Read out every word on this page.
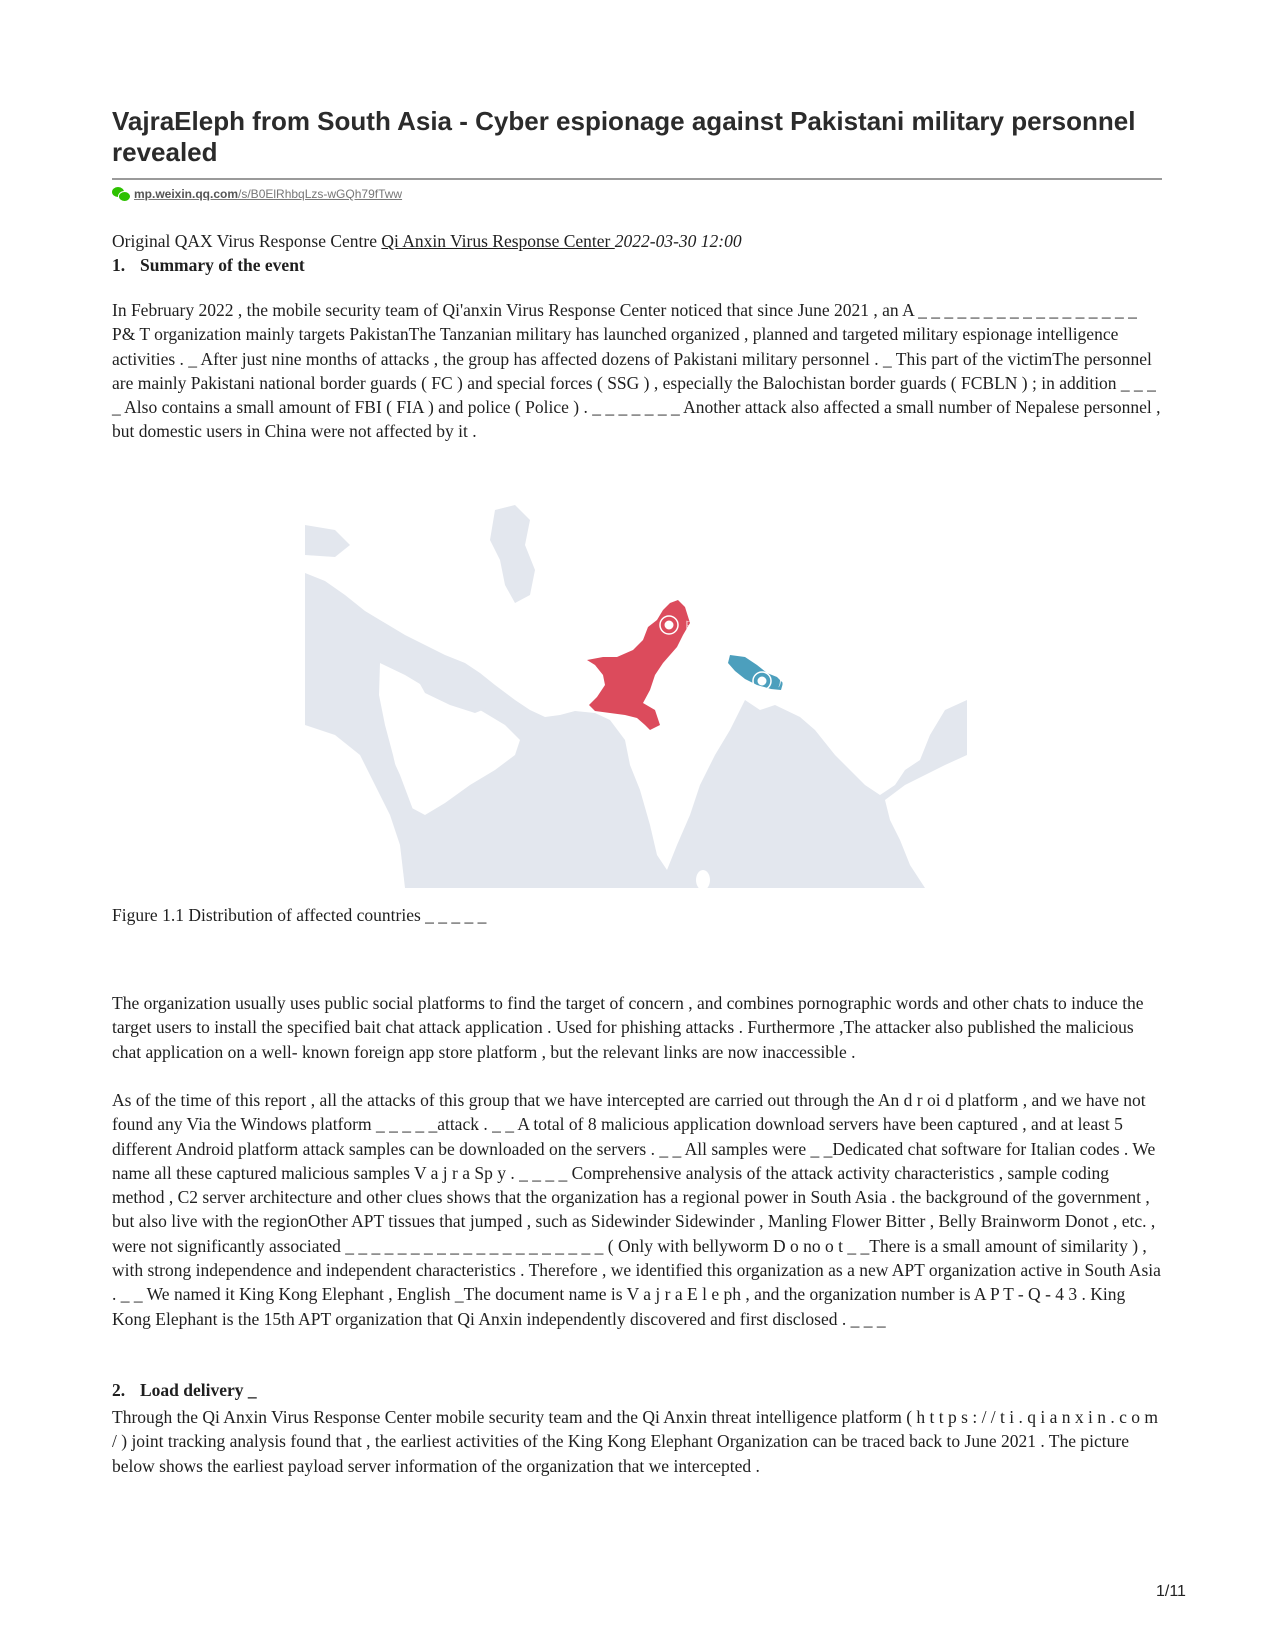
VajraEleph from South Asia - Cyber espionage against Pakistani military personnel revealed
mp.weixin.qq.com/s/B0ElRhbqLzs-wGQh79fTww
Original QAX Virus Response Centre Qi Anxin Virus Response Center 2022-03-30 12:00
1. Summary of the event

In February 2022 , the mobile security team of Qi'anxin Virus Response Center noticed that since June 2021 , an A _ _ _ _ _ _ _ _ _ _ _ _ _ _ _ _ _ P& T organization mainly targets PakistanThe Tanzanian military has launched organized , planned and targeted military espionage intelligence activities . _ After just nine months of attacks , the group has affected dozens of Pakistani military personnel . _ This part of the victimThe personnel are mainly Pakistani national border guards ( FC ) and special forces ( SSG ) , especially the Balochistan border guards ( FCBLN ) ; in addition _ _ _ _ Also contains a small amount of FBI ( FIA ) and police ( Police ) . _ _ _ _ _ _ _ Another attack also affected a small number of Nepalese personnel , but domestic users in China were not affected by it .

巴基斯坦
尼泊尔
Figure 1.1 Distribution of affected countries _ _ _ _ _

The organization usually uses public social platforms to find the target of concern , and combines pornographic words and other chats to induce the target users to install the specified bait chat attack application . Used for phishing attacks . Furthermore ,The attacker also published the malicious chat application on a well- known foreign app store platform , but the relevant links are now inaccessible .

As of the time of this report , all the attacks of this group that we have intercepted are carried out through the An d r oi d platform , and we have not found any Via the Windows platform _ _ _ _ _attack . _ _ A total of 8 malicious application download servers have been captured , and at least 5 different Android platform attack samples can be downloaded on the servers . _ _ All samples were _ _Dedicated chat software for Italian codes . We name all these captured malicious samples V a j r a Sp y . _ _ _ _ Comprehensive analysis of the attack activity characteristics , sample coding method , C2 server architecture and other clues shows that the organization has a regional power in South Asia . the background of the government , but also live with the regionOther APT tissues that jumped , such as Sidewinder Sidewinder , Manling Flower Bitter , Belly Brainworm Donot , etc. , were not significantly associated _ _ _ _ _ _ _ _ _ _ _ _ _ _ _ _ _ _ _ _ ( Only with bellyworm D o no o t _ _There is a small amount of similarity ) , with strong independence and independent characteristics . Therefore , we identified this organization as a new APT organization active in South Asia . _ _ We named it King Kong Elephant , English _The document name is V a j r a E l e ph , and the organization number is A P T - Q - 4 3 . King Kong Elephant is the 15th APT organization that Qi Anxin independently discovered and first disclosed . _ _ _

2. Load delivery _

Through the Qi Anxin Virus Response Center mobile security team and the Qi Anxin threat intelligence platform ( h t t p s : / / t i . q i a n x i n . c o m / ) joint tracking analysis found that , the earliest activities of the King Kong Elephant Organization can be traced back to June 2021 . The picture below shows the earliest payload server information of the organization that we intercepted .

1/11
